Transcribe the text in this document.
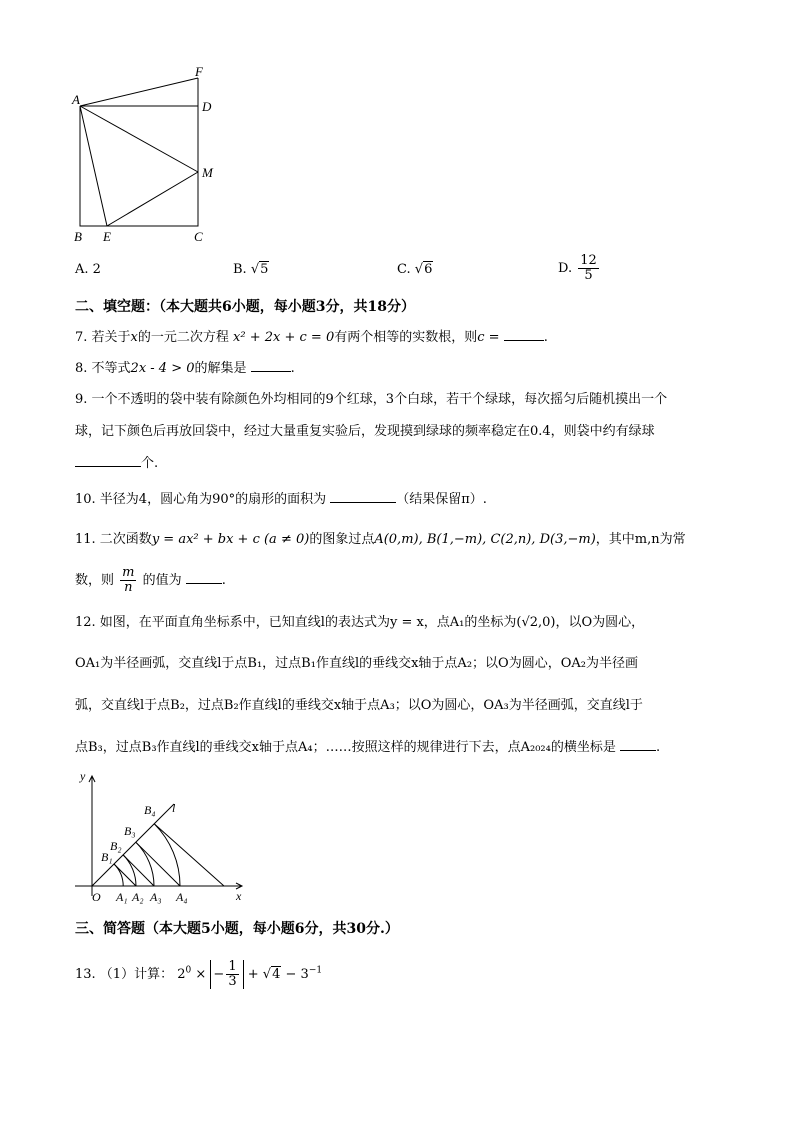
A
F
D
M
B E	C
A. 2	B. √5	C. √6	D. $\frac{12}{5}$
二、填空题：（本大题共6小题，每小题3分，共18分）
7. 若关于x的一元二次方程 x² + 2x + c = 0有两个相等的实数根，则c =	.
8. 不等式2x - 4 > 0的解集是	.
9. 一个不透明的袋中装有除颜色外均相同的9个红球，3个白球，若干个绿球，每次摇匀后随机摸出一个
球，记下颜色后再放回袋中，经过大量重复实验后，发现摸到绿球的频率稳定在0.4，则袋中约有绿球
个.
10. 半径为4，圆心角为90°的扇形的面积为	（结果保留π）.
11. 二次函数y = ax² + bx + c (a ≠ 0)的图象过点A(0,m), B(1,−m), C(2,n), D(3,−m)，其中m,n为常
数，则 $\frac{m}{n}$ 的值为	.
12. 如图，在平面直角坐标系中，已知直线l的表达式为y = x，点A₁的坐标为(√2,0)，以O为圆心，
OA₁为半径画弧，交直线l于点B₁，过点B₁作直线l的垂线交x轴于点A₂；以O为圆心，OA₂为半径画
弧，交直线l于点B₂，过点B₂作直线l的垂线交x轴于点A₃；以O为圆心，OA₃为半径画弧，交直线l于
点B₃，过点B₃作直线l的垂线交x轴于点A₄；……按照这样的规律进行下去，点A₂₀₂₄的横坐标是	.
y
x
O
l
B₁
B₂
B₃
B₄
A₁ A₂ A₃ A₄
三、简答题（本大题5小题，每小题6分，共30分.）
13. （1）计算： $2^0$ × − $\frac{1}{3} + √4 - 3^{-1}$
